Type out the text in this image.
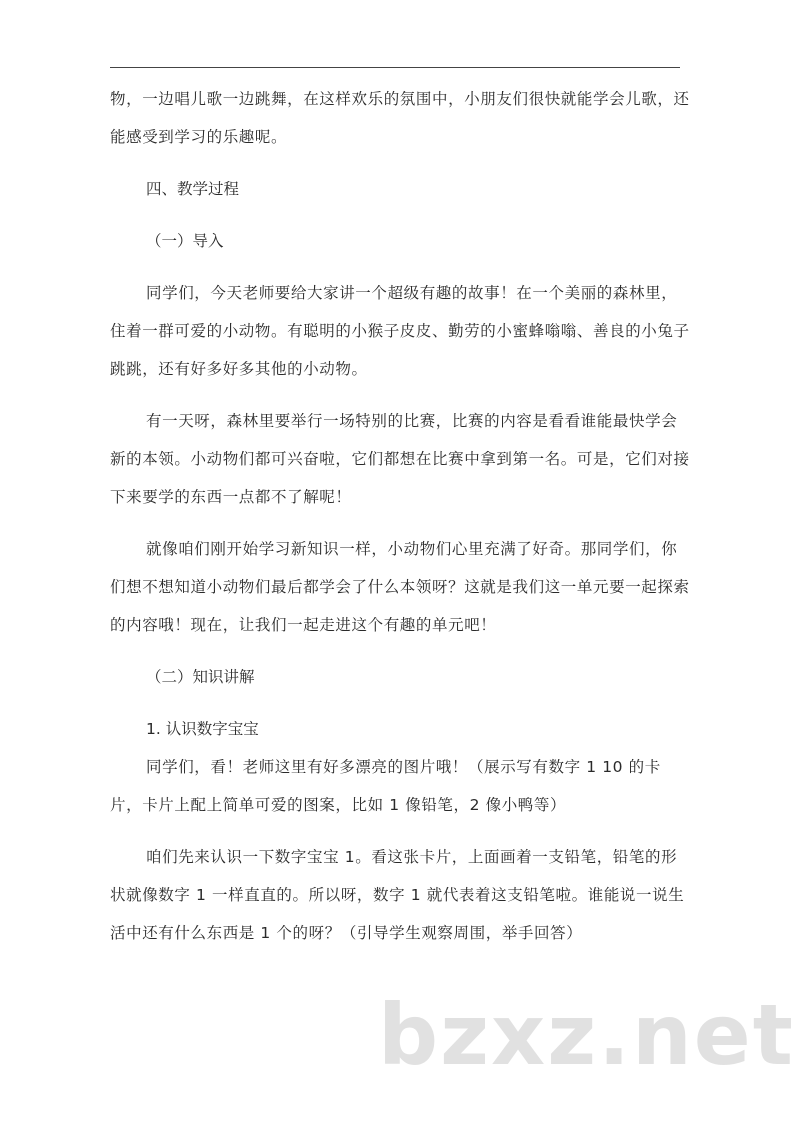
物，一边唱儿歌一边跳舞，在这样欢乐的氛围中，小朋友们很快就能学会儿歌，还能感受到学习的乐趣呢。

四、教学过程

（一）导入

同学们，今天老师要给大家讲一个超级有趣的故事！在一个美丽的森林里，住着一群可爱的小动物。有聪明的小猴子皮皮、勤劳的小蜜蜂嗡嗡、善良的小兔子跳跳，还有好多好多其他的小动物。

有一天呀，森林里要举行一场特别的比赛，比赛的内容是看看谁能最快学会新的本领。小动物们都可兴奋啦，它们都想在比赛中拿到第一名。可是，它们对接下来要学的东西一点都不了解呢！

就像咱们刚开始学习新知识一样，小动物们心里充满了好奇。那同学们，你们想不想知道小动物们最后都学会了什么本领呀？这就是我们这一单元要一起探索的内容哦！现在，让我们一起走进这个有趣的单元吧！

（二）知识讲解

1. 认识数字宝宝

同学们，看！老师这里有好多漂亮的图片哦！（展示写有数字 1 10 的卡片，卡片上配上简单可爱的图案，比如 1 像铅笔，2 像小鸭等）

咱们先来认识一下数字宝宝 1。看这张卡片，上面画着一支铅笔，铅笔的形状就像数字 1 一样直直的。所以呀，数字 1 就代表着这支铅笔啦。谁能说一说生活中还有什么东西是 1 个的呀？（引导学生观察周围，举手回答）

bzxz.net
